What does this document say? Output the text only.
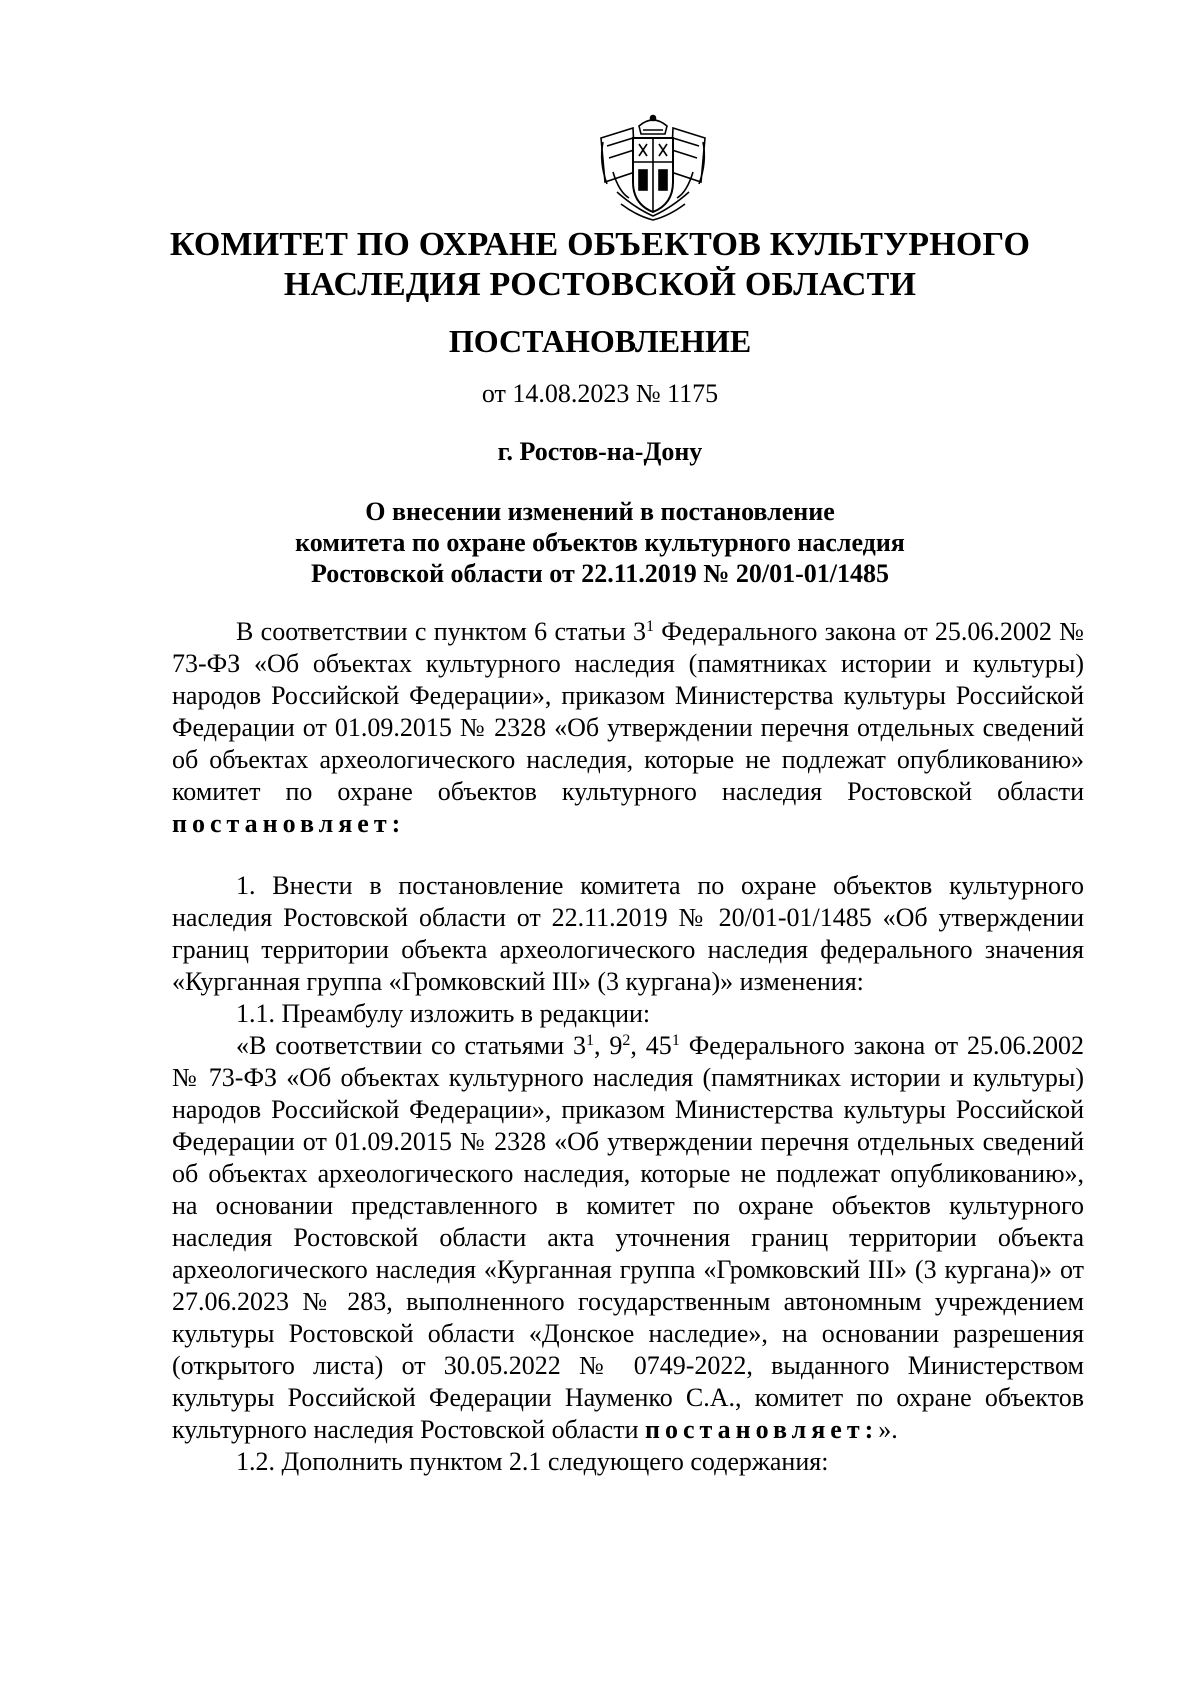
КОМИТЕТ ПО ОХРАНЕ ОБЪЕКТОВ КУЛЬТУРНОГО
НАСЛЕДИЯ РОСТОВСКОЙ ОБЛАСТИ
ПОСТАНОВЛЕНИЕ

от 14.08.2023 № 1175

г. Ростов-на-Дону

О внесении изменений в постановление
комитета по охране объектов культурного наследия
Ростовской области от 22.11.2019 № 20/01-01/1485

В соответствии с пунктом 6 статьи $3^1$ Федерального закона от 25.06.2002 № 73-ФЗ «Об объектах культурного наследия (памятниках истории и культуры) народов Российской Федерации», приказом Министерства культуры Российской Федерации от 01.09.2015 № 2328 «Об утверждении перечня отдельных сведений об объектах археологического наследия, которые не подлежат опубликованию» комитет по охране объектов культурного наследия Ростовской области постановляет:

1. Внести в постановление комитета по охране объектов культурного наследия Ростовской области от 22.11.2019 № 20/01-01/1485 «Об утверждении границ территории объекта археологического наследия федерального значения «Курганная группа «Громковский III» (3 кургана)» изменения:

1.1. Преамбулу изложить в редакции:

«В соответствии со статьями $3^1$, $9^2$, $45^1$ Федерального закона от 25.06.2002 № 73-ФЗ «Об объектах культурного наследия (памятниках истории и культуры) народов Российской Федерации», приказом Министерства культуры Российской Федерации от 01.09.2015 № 2328 «Об утверждении перечня отдельных сведений об объектах археологического наследия, которые не подлежат опубликованию», на основании представленного в комитет по охране объектов культурного наследия Ростовской области акта уточнения границ территории объекта археологического наследия «Курганная группа «Громковский III» (3 кургана)» от 27.06.2023 № 283, выполненного государственным автономным учреждением культуры Ростовской области «Донское наследие», на основании разрешения (открытого листа) от 30.05.2022 № 0749-2022, выданного Министерством культуры Российской Федерации Науменко С.А., комитет по охране объектов культурного наследия Ростовской области постановляет:».

1.2. Дополнить пунктом 2.1 следующего содержания:
